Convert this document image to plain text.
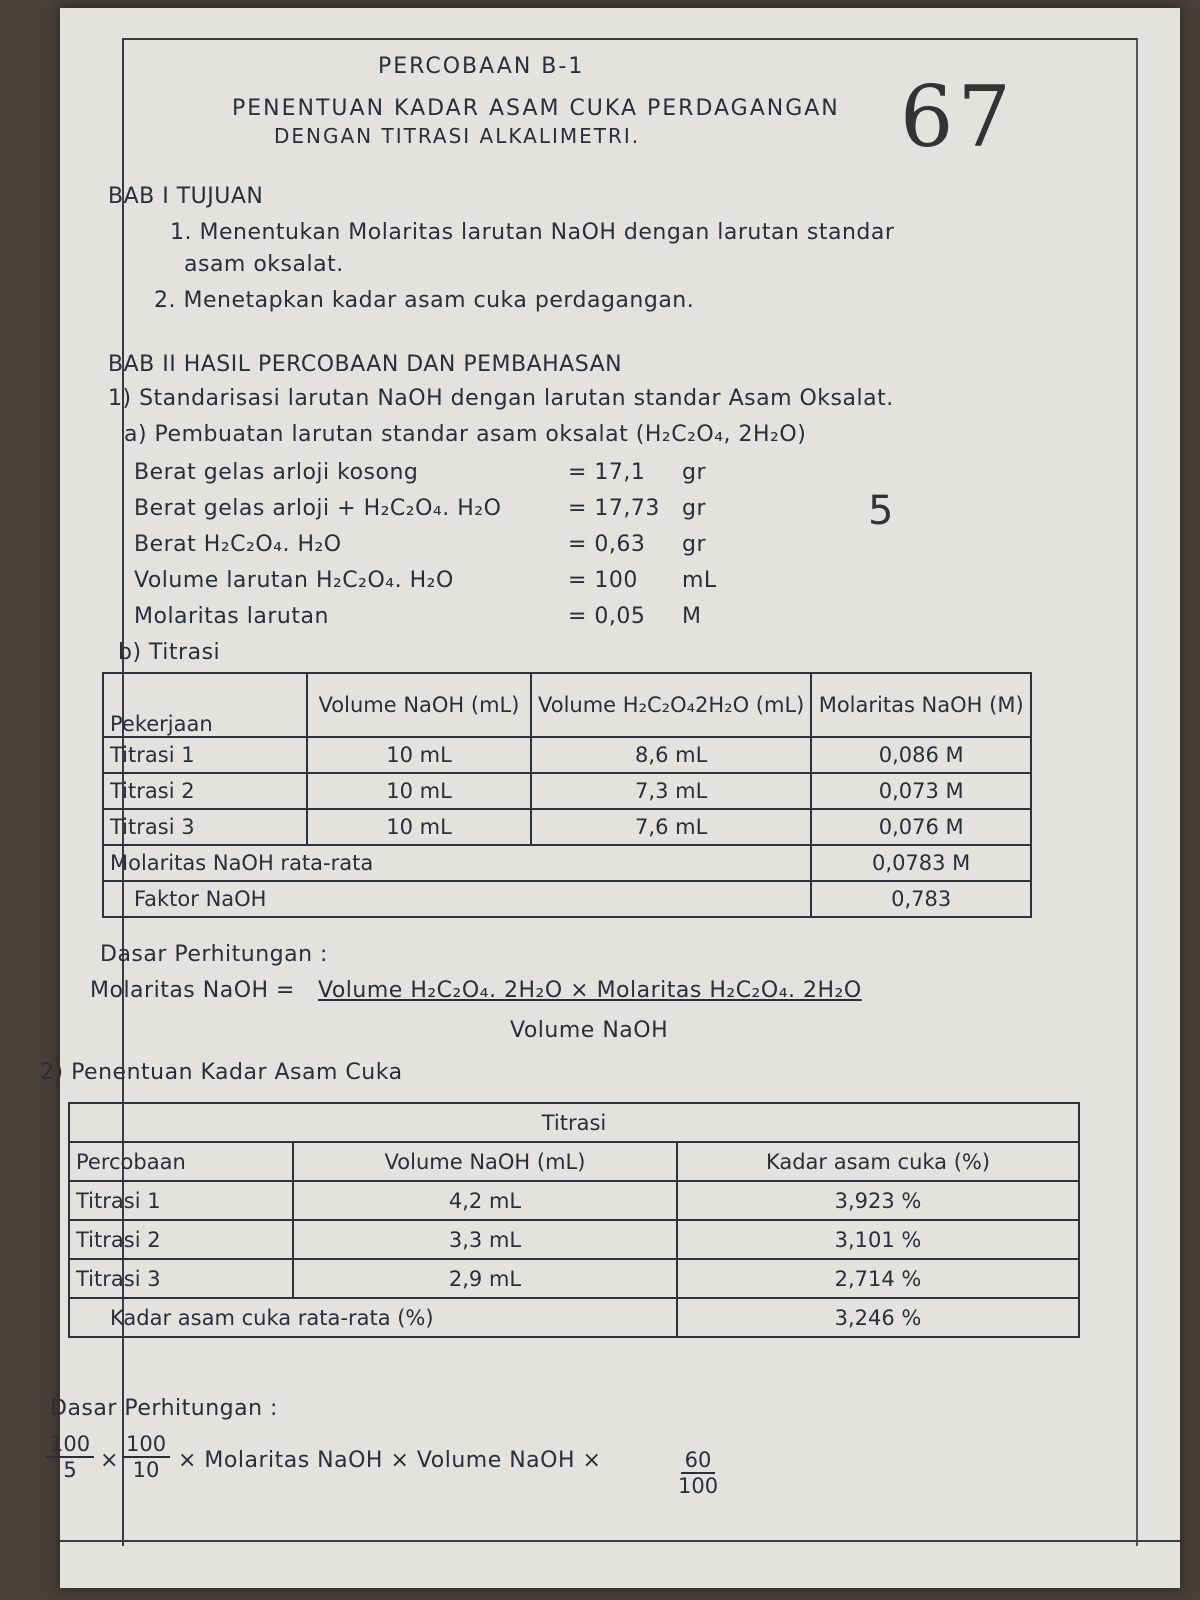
PERCOBAAN B-1
PENENTUAN KADAR ASAM CUKA PERDAGANGAN
DENGAN TITRASI ALKALIMETRI.	67
BAB I TUJUAN
1. Menentukan Molaritas larutan NaOH dengan larutan standar
asam oksalat.
2. Menetapkan kadar asam cuka perdagangan.
BAB II HASIL PERCOBAAN DAN PEMBAHASAN
1) Standarisasi larutan NaOH dengan larutan standar Asam Oksalat.
a) Pembuatan larutan standar asam oksalat (H₂C₂O₄, 2H₂O)
5
Berat gelas arloji kosong	= 17,1 gr
Berat gelas arloji + H₂C₂O₄. H₂O	= 17,73 gr
Berat H₂C₂O₄. H₂O	= 0,63 gr
Volume larutan H₂C₂O₄. H₂O	= 100 mL
Molaritas larutan	= 0,05 M
b) Titrasi
Pekerjaan	Volume NaOH (mL)	Volume H₂C₂O₄2H₂O (mL)	Molaritas NaOH (M)
Titrasi 1	10 mL	8,6 mL	0,086 M
Titrasi 2	10 mL	7,3 mL	0,073 M
Titrasi 3	10 mL	7,6 mL	0,076 M
Molaritas NaOH rata-rata			0,0783 M
Faktor NaOH			0,783
Dasar Perhitungan :
Molaritas NaOH = Volume H₂C₂O₄. 2H₂O × Molaritas H₂C₂O₄. 2H₂O
Volume NaOH
2) Penentuan Kadar Asam Cuka
Titrasi		
Percobaan	Volume NaOH (mL)	Kadar asam cuka (%)
Titrasi 1	4,2 mL	3,923 %
Titrasi 2	3,3 mL	3,101 %
Titrasi 3	2,9 mL	2,714 %
Kadar asam cuka rata-rata (%)		3,246 %
Dasar Perhitungan :
$\frac{100}{5} \times \frac{100}{10}$ × Molaritas NaOH × Volume NaOH ×	$\frac{60}{100}$
